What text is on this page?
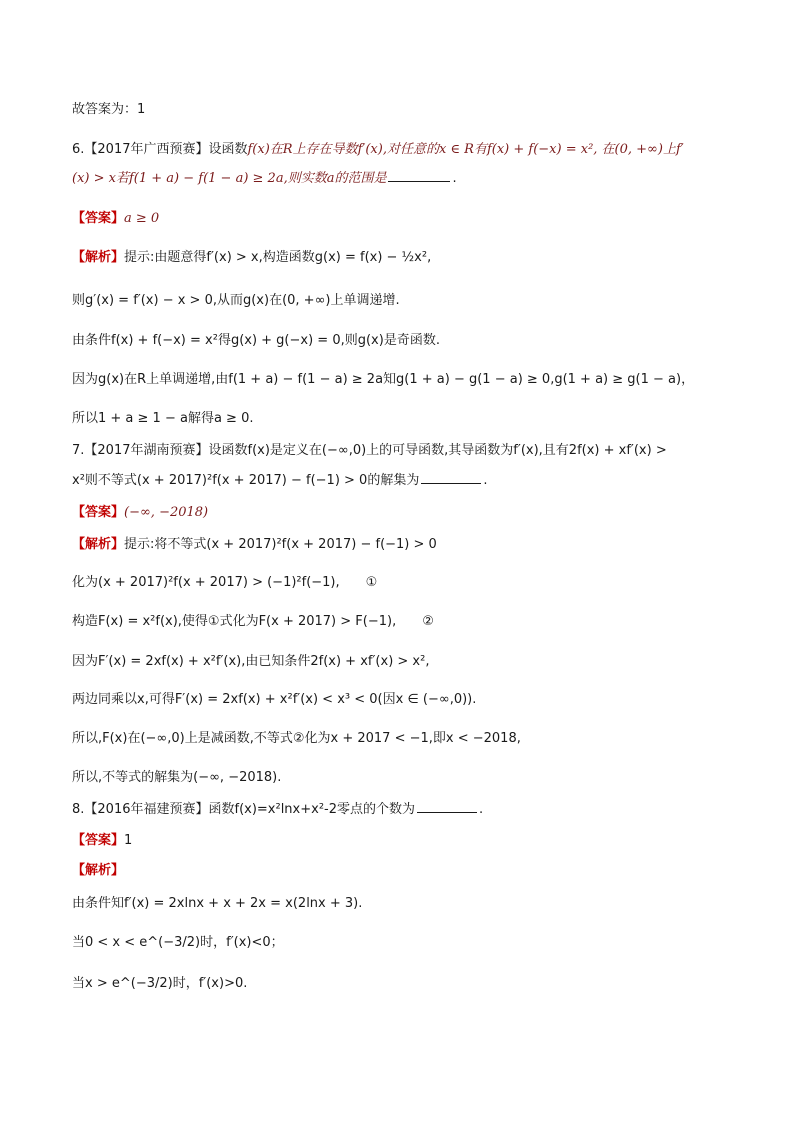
故答案为：1
6.【2017年广西预赛】设函数f(x)在R上存在导数f′(x),对任意的x ∈ R有f(x) + f(−x) = x², 在(0, +∞)上f′
(x) > x若f(1 + a) − f(1 − a) ≥ 2a,则实数a的范围是	.
【答案】a ≥ 0
【解析】提示:由题意得f′(x) > x,构造函数g(x) = f(x) − ½x²,
则g′(x) = f′(x) − x > 0,从而g(x)在(0, +∞)上单调递增.
由条件f(x) + f(−x) = x²得g(x) + g(−x) = 0,则g(x)是奇函数.
因为g(x)在R上单调递增,由f(1 + a) − f(1 − a) ≥ 2a知g(1 + a) − g(1 − a) ≥ 0,g(1 + a) ≥ g(1 − a)，
所以1 + a ≥ 1 − a解得a ≥ 0.
7.【2017年湖南预赛】设函数f(x)是定义在(−∞,0)上的可导函数,其导函数为f′(x),且有2f(x) + xf′(x) >
x²则不等式(x + 2017)²f(x + 2017) − f(−1) > 0的解集为	.
【答案】(−∞, −2018)
【解析】提示:将不等式(x + 2017)²f(x + 2017) − f(−1) > 0
化为(x + 2017)²f(x + 2017) > (−1)²f(−1),　　①
构造F(x) = x²f(x),使得①式化为F(x + 2017) > F(−1),　　②
因为F′(x) = 2xf(x) + x²f′(x),由已知条件2f(x) + xf′(x) > x²,
两边同乘以x,可得F′(x) = 2xf(x) + x²f′(x) < x³ < 0(因x ∈ (−∞,0)).
所以,F(x)在(−∞,0)上是减函数,不等式②化为x + 2017 < −1,即x < −2018,
所以,不等式的解集为(−∞, −2018).
8.【2016年福建预赛】函数f(x)=x²lnx+x²-2零点的个数为	.
【答案】1
【解析】
由条件知f′(x) = 2xlnx + x + 2x = x(2lnx + 3).
当0 < x < e^(−3/2)时，f′(x)<0；
当x > e^(−3/2)时，f′(x)>0.
